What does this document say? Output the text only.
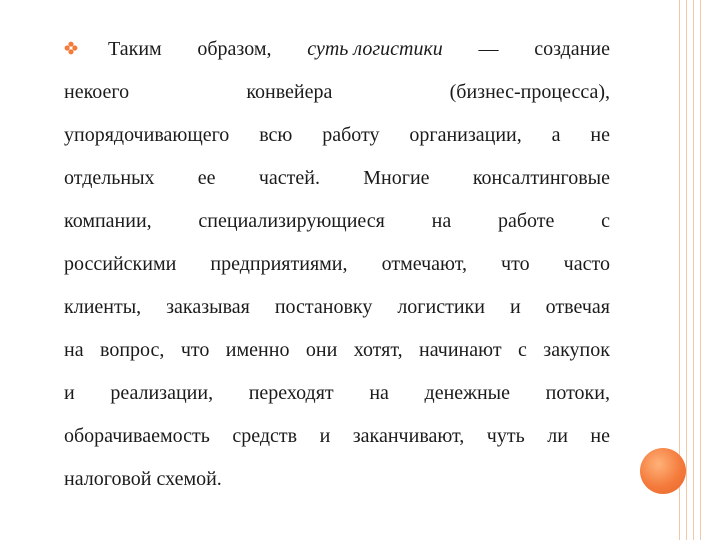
Таким образом, суть логистики — создание
некоего	конвейера	(бизнес-процесса),
упорядочивающего всю работу организации, а не
отдельных ее частей. Многие консалтинговые
компании, специализирующиеся на работе с
российскими предприятиями, отмечают, что часто
клиенты, заказывая постановку логистики и отвечая
на вопрос, что именно они хотят, начинают с закупок
и реализации, переходят на денежные потоки,
оборачиваемость средств и заканчивают, чуть ли не
налоговой схемой.
